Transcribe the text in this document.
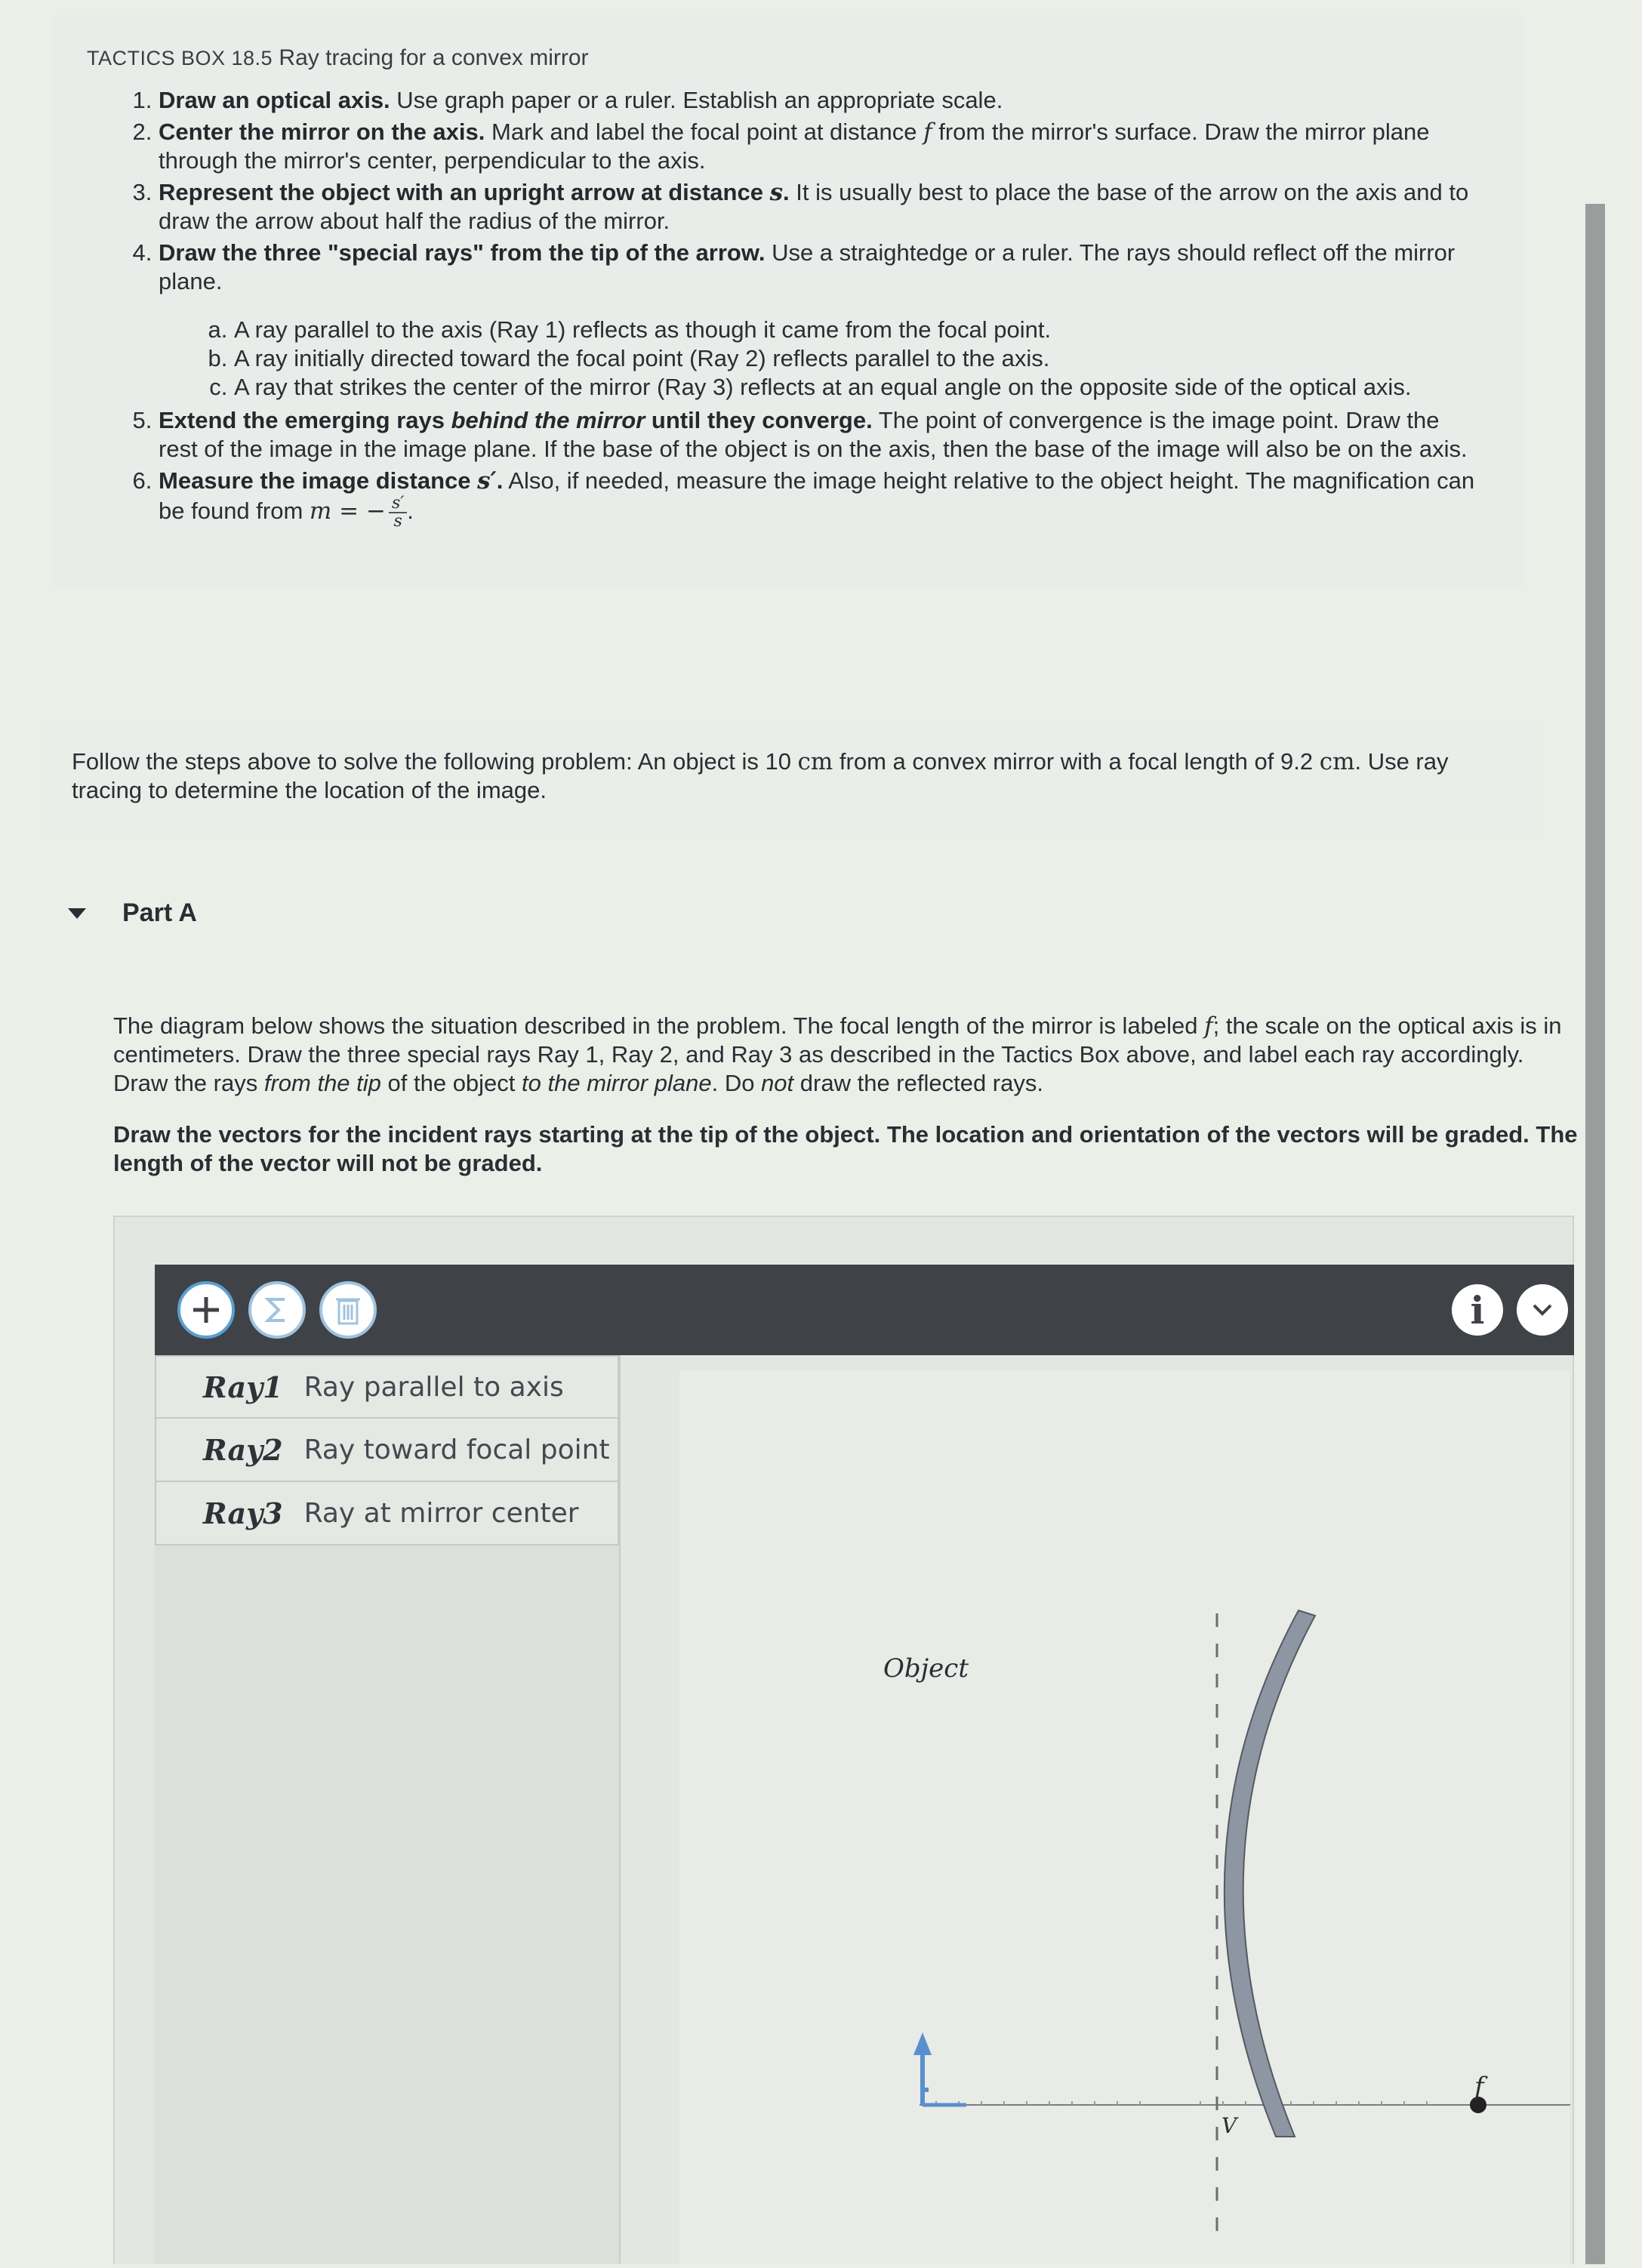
TACTICS BOX 18.5 Ray tracing for a convex mirror
1. Draw an optical axis. Use graph paper or a ruler. Establish an appropriate scale.
2. Center the mirror on the axis. Mark and label the focal point at distance f from the mirror's surface. Draw the mirror plane through the mirror's center, perpendicular to the axis.
3. Represent the object with an upright arrow at distance s. It is usually best to place the base of the arrow on the axis and to draw the arrow about half the radius of the mirror.
4. Draw the three "special rays" from the tip of the arrow. Use a straightedge or a ruler. The rays should reflect off the mirror plane.
a. A ray parallel to the axis (Ray 1) reflects as though it came from the focal point.
b. A ray initially directed toward the focal point (Ray 2) reflects parallel to the axis.
c. A ray that strikes the center of the mirror (Ray 3) reflects at an equal angle on the opposite side of the optical axis.
5. Extend the emerging rays behind the mirror until they converge. The point of convergence is the image point. Draw the rest of the image in the image plane. If the base of the object is on the axis, then the base of the image will also be on the axis.
6. Measure the image distance s′. Also, if needed, measure the image height relative to the object height. The magnification can be found from m = − $\frac{s'}{s}$ .
Follow the steps above to solve the following problem: An object is 10 cm from a convex mirror with a focal length of 9.2 cm. Use ray tracing to determine the location of the image.
Part A

The diagram below shows the situation described in the problem. The focal length of the mirror is labeled f; the scale on the optical axis is in centimeters. Draw the three special rays Ray 1, Ray 2, and Ray 3 as described in the Tactics Box above, and label each ray accordingly. Draw the rays from the tip of the object to the mirror plane. Do not draw the reflected rays.

Draw the vectors for the incident rays starting at the tip of the object. The location and orientation of the vectors will be graded. The length of the vector will not be graded.

i
Ray1 Ray parallel to axis
Ray2 Ray toward focal point
Ray3 Ray at mirror center
f
V
Object
